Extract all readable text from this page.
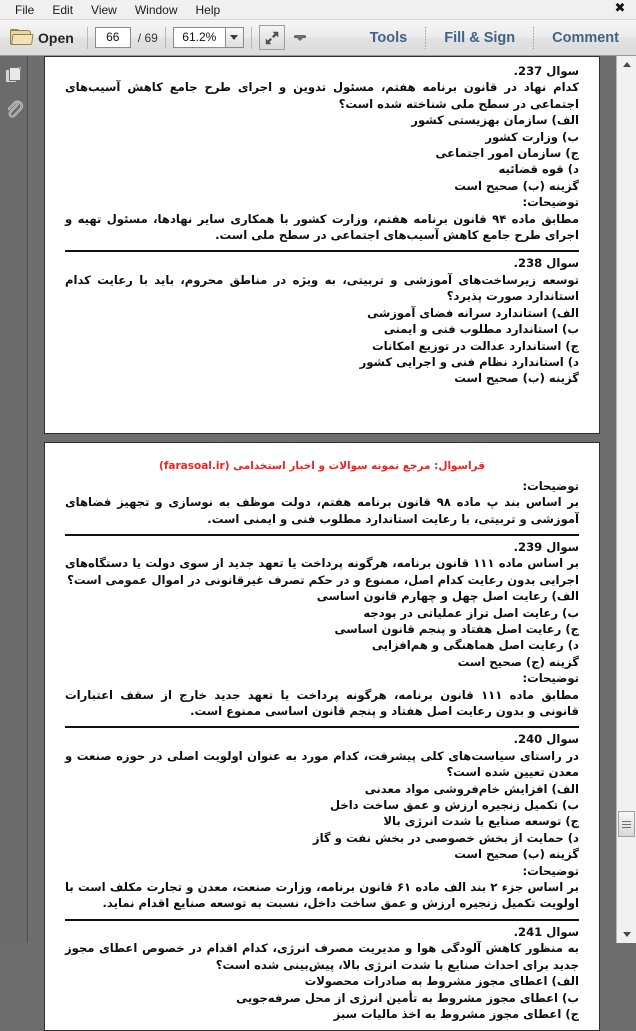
File	Edit	View	Window	Help	✖
Open	66	/ 69	61.2%	Tools	Fill & Sign	Comment
سوال 237.
کدام نهاد در قانون برنامه هفتم، مسئول تدوین و اجرای طرح جامع کاهش آسیب‌های اجتماعی در سطح ملی شناخته شده است؟
الف) سازمان بهزیستی کشور
ب) وزارت کشور
ج) سازمان امور اجتماعی
د) قوه قضائیه
گزینه (ب) صحیح است
توضیحات:
مطابق ماده ۹۴ قانون برنامه هفتم، وزارت کشور با همکاری سایر نهادها، مسئول تهیه و اجرای طرح جامع کاهش آسیب‌های اجتماعی در سطح ملی است.
سوال 238.
توسعه زیرساخت‌های آموزشی و تربیتی، به ویژه در مناطق محروم، باید با رعایت کدام استاندارد صورت پذیرد؟
الف) استاندارد سرانه فضای آموزشی
ب) استاندارد مطلوب فنی و ایمنی
ج) استاندارد عدالت در توزیع امکانات
د) استاندارد نظام فنی و اجرایی کشور
گزینه (ب) صحیح است
قراسوال: مرجع نمونه سوالات و اخبار استخدامی (farasoal.ir)
توضیحات:
بر اساس بند پ ماده ۹۸ قانون برنامه هفتم، دولت موظف به نوسازی و تجهیز فضاهای آموزشی و تربیتی، با رعایت استاندارد مطلوب فنی و ایمنی است.
سوال 239.
بر اساس ماده ۱۱۱ قانون برنامه، هرگونه پرداخت یا تعهد جدید از سوی دولت یا دستگاه‌های اجرایی بدون رعایت کدام اصل، ممنوع و در حکم تصرف غیرقانونی در اموال عمومی است؟
الف) رعایت اصل چهل و چهارم قانون اساسی
ب) رعایت اصل تراز عملیاتی در بودجه
ج) رعایت اصل هفتاد و پنجم قانون اساسی
د) رعایت اصل هماهنگی و هم‌افزایی
گزینه (ج) صحیح است
توضیحات:
مطابق ماده ۱۱۱ قانون برنامه، هرگونه پرداخت یا تعهد جدید خارج از سقف اعتبارات قانونی و بدون رعایت اصل هفتاد و پنجم قانون اساسی ممنوع است.
سوال 240.
در راستای سیاست‌های کلی پیشرفت، کدام مورد به عنوان اولویت اصلی در حوزه صنعت و معدن تعیین شده است؟
الف) افزایش خام‌فروشی مواد معدنی
ب) تکمیل زنجیره ارزش و عمق ساخت داخل
ج) توسعه صنایع با شدت انرژی بالا
د) حمایت از بخش خصوصی در بخش نفت و گاز
گزینه (ب) صحیح است
توضیحات:
بر اساس جزء ۲ بند الف ماده ۶۱ قانون برنامه، وزارت صنعت، معدن و تجارت مکلف است با اولویت تکمیل زنجیره ارزش و عمق ساخت داخل، نسبت به توسعه صنایع اقدام نماید.
سوال 241.
به منظور کاهش آلودگی هوا و مدیریت مصرف انرژی، کدام اقدام در خصوص اعطای مجوز جدید برای احداث صنایع با شدت انرژی بالا، پیش‌بینی شده است؟
الف) اعطای مجوز مشروط به صادرات محصولات
ب) اعطای مجوز مشروط به تأمین انرژی از محل صرفه‌جویی
ج) اعطای مجوز مشروط به اخذ مالیات سبز
